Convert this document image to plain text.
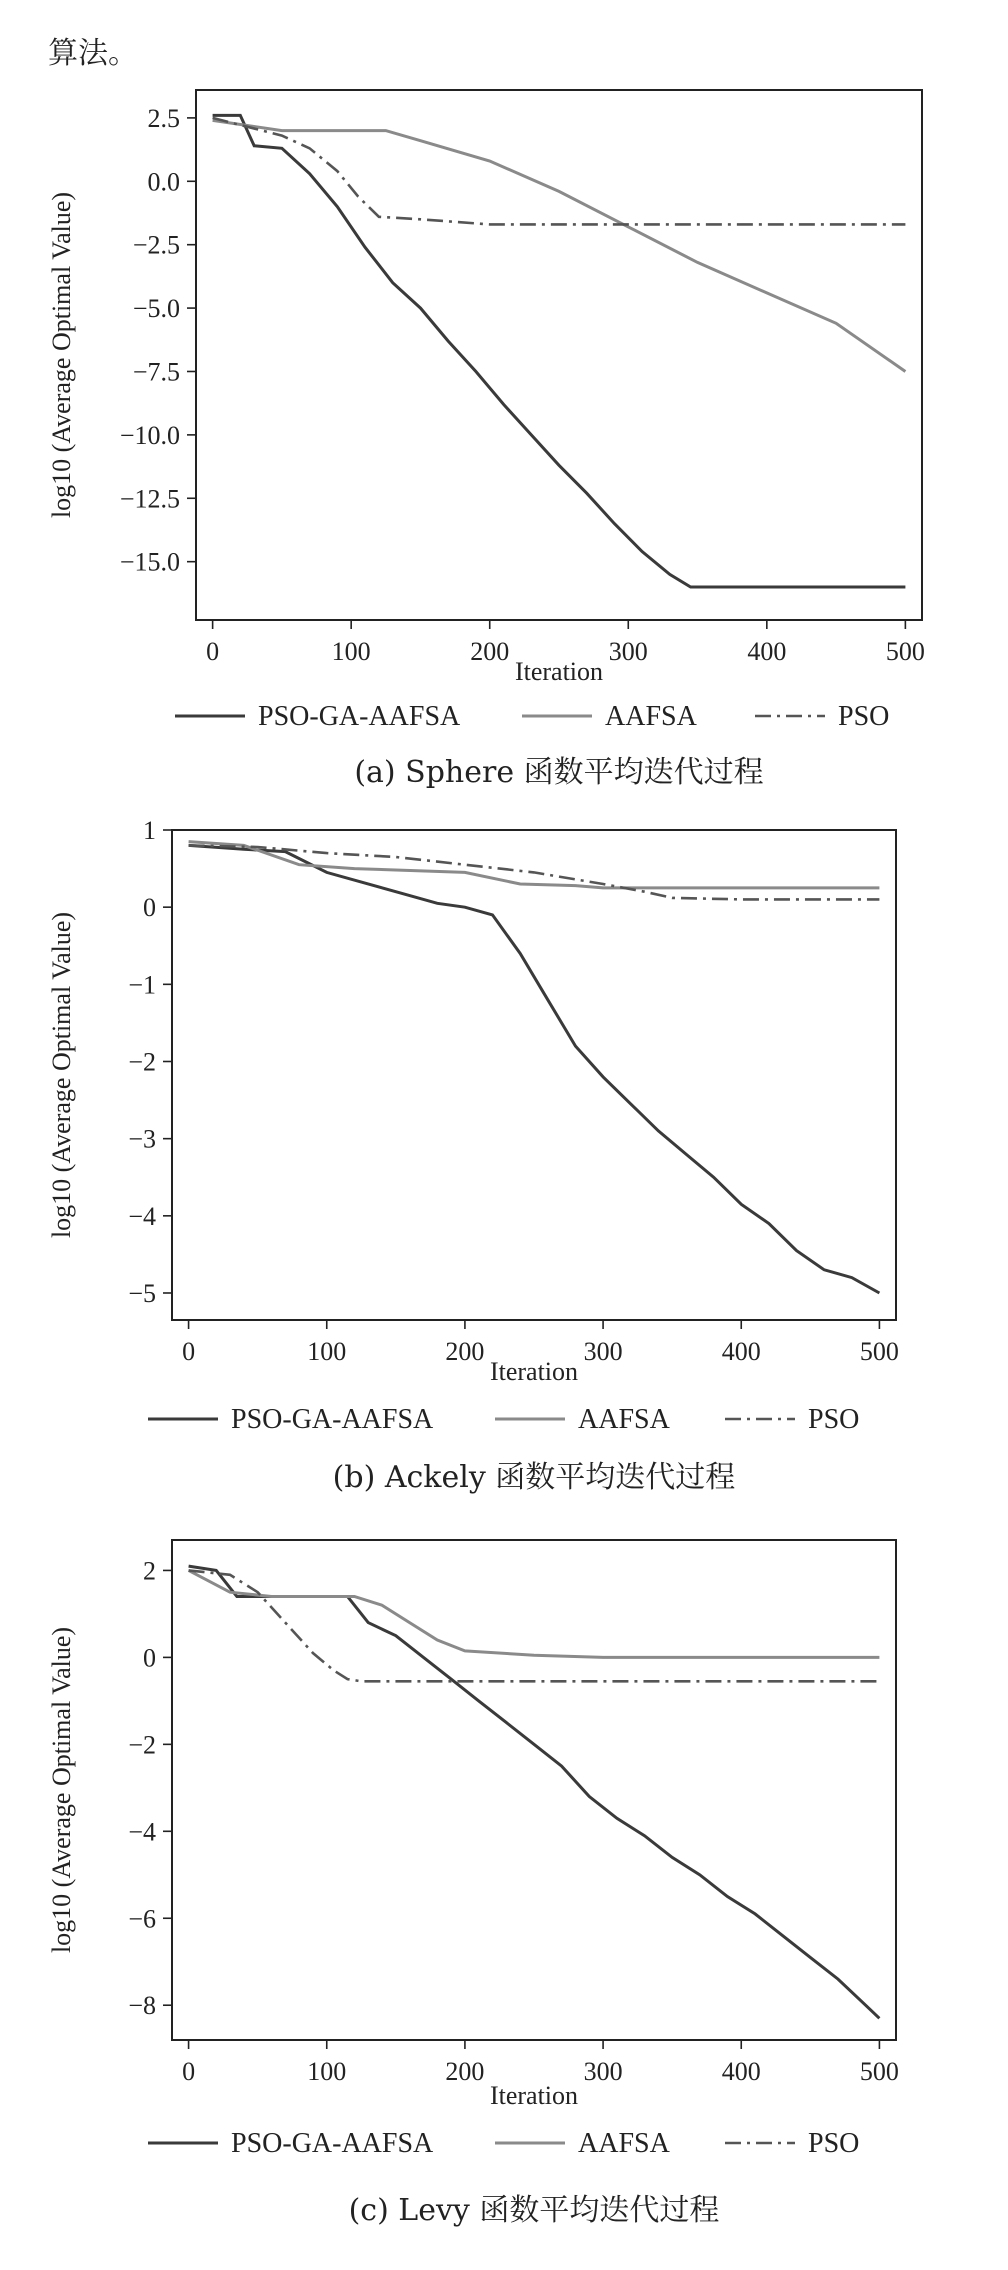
算法。
0	100	200	300	400	500
2.5
0.0
−2.5
−5.0
−7.5
−10.0
−12.5
−15.0
Iteration
log10 (Average Optimal Value)
PSO-GA-AAFSA	AAFSA	PSO
(a) Sphere 函数平均迭代过程
0	100	200	300	400	500
1
0
−1
−2
−3
−4
−5
Iteration
log10 (Average Optimal Value)
PSO-GA-AAFSA	AAFSA	PSO
(b) Ackely 函数平均迭代过程
0	100	200	300	400	500
2
0
−2
−4
−6
−8
Iteration
log10 (Average Optimal Value)
PSO-GA-AAFSA	AAFSA	PSO
(c) Levy 函数平均迭代过程
